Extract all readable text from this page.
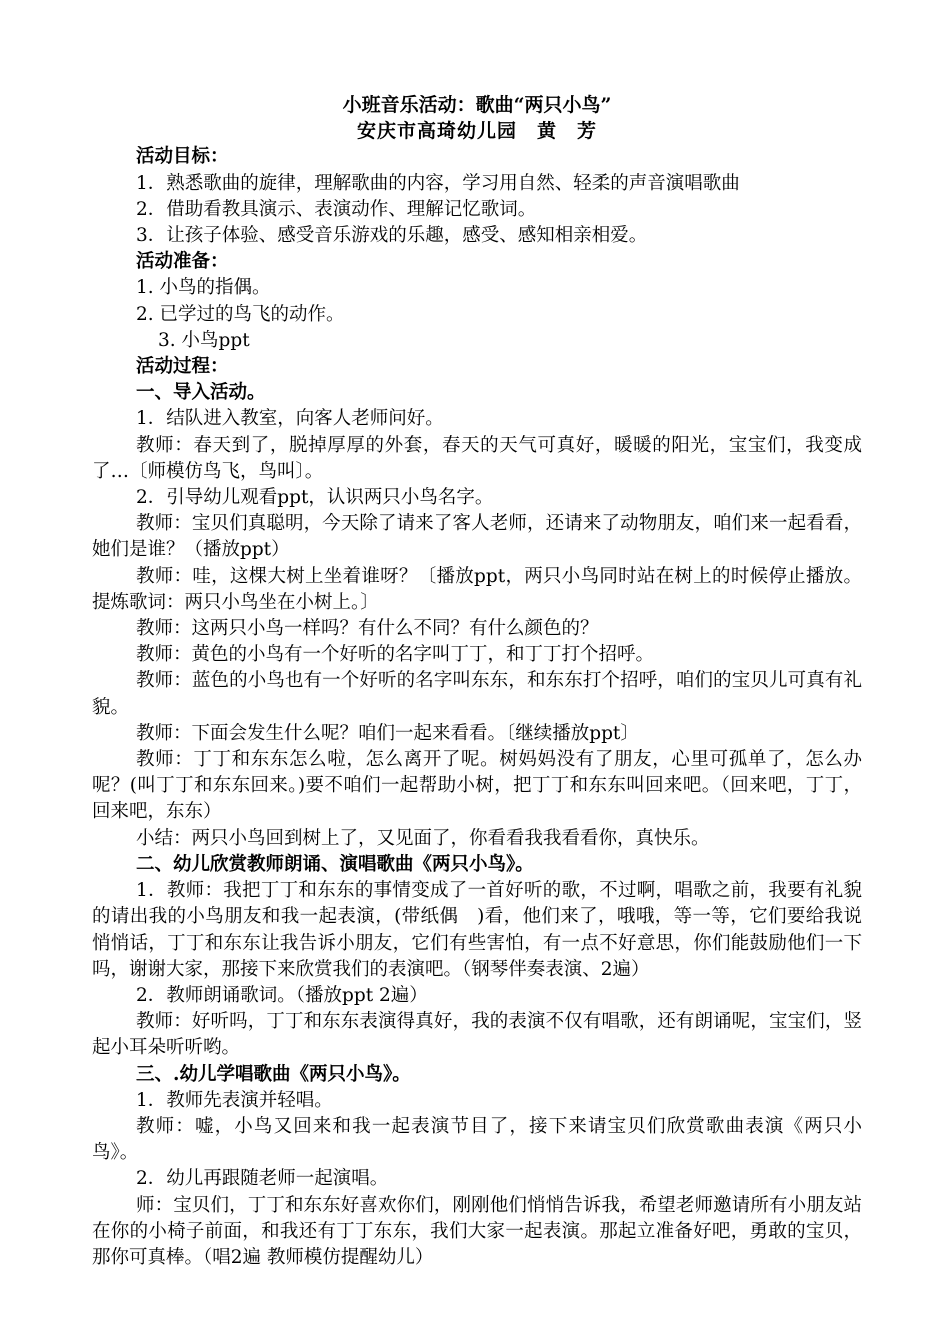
小班音乐活动：歌曲“两只小鸟”
安庆市高琦幼儿园　黄　芳
活动目标：
1．熟悉歌曲的旋律，理解歌曲的内容，学习用自然、轻柔的声音演唱歌曲
2．借助看教具演示、表演动作、理解记忆歌词。
3．让孩子体验、感受音乐游戏的乐趣，感受、感知相亲相爱。
活动准备：
1. 小鸟的指偶。
2. 已学过的鸟飞的动作。
3. 小鸟ppt
活动过程：
一、导入活动。
1．结队进入教室，向客人老师问好。
教师：春天到了，脱掉厚厚的外套，春天的天气可真好，暖暖的阳光，宝宝们，我变成了…〔师模仿鸟飞，鸟叫〕。
2．引导幼儿观看ppt，认识两只小鸟名字。
教师：宝贝们真聪明，今天除了请来了客人老师，还请来了动物朋友，咱们来一起看看，她们是谁？（播放ppt）
教师：哇，这棵大树上坐着谁呀？〔播放ppt，两只小鸟同时站在树上的时候停止播放。提炼歌词：两只小鸟坐在小树上。〕
教师：这两只小鸟一样吗？有什么不同？有什么颜色的？
教师：黄色的小鸟有一个好听的名字叫丁丁，和丁丁打个招呼。
教师：蓝色的小鸟也有一个好听的名字叫东东，和东东打个招呼，咱们的宝贝儿可真有礼貌。
教师：下面会发生什么呢？咱们一起来看看。〔继续播放ppt〕
教师：丁丁和东东怎么啦，怎么离开了呢。树妈妈没有了朋友，心里可孤单了，怎么办呢？(叫丁丁和东东回来。)要不咱们一起帮助小树，把丁丁和东东叫回来吧。（回来吧，丁丁，回来吧，东东）
小结：两只小鸟回到树上了，又见面了，你看看我我看看你，真快乐。
二、幼儿欣赏教师朗诵、演唱歌曲《两只小鸟》。
1．教师：我把丁丁和东东的事情变成了一首好听的歌，不过啊，唱歌之前，我要有礼貌的请出我的小鸟朋友和我一起表演，(带纸偶　)看，他们来了，哦哦，等一等，它们要给我说悄悄话，丁丁和东东让我告诉小朋友，它们有些害怕，有一点不好意思，你们能鼓励他们一下吗，谢谢大家，那接下来欣赏我们的表演吧。（钢琴伴奏表演、2遍）
2．教师朗诵歌词。（播放ppt 2遍）
教师：好听吗，丁丁和东东表演得真好，我的表演不仅有唱歌，还有朗诵呢，宝宝们，竖起小耳朵听听哟。
三、.幼儿学唱歌曲《两只小鸟》。
1．教师先表演并轻唱。
教师：嘘，小鸟又回来和我一起表演节目了，接下来请宝贝们欣赏歌曲表演《两只小鸟》。
2．幼儿再跟随老师一起演唱。
师：宝贝们，丁丁和东东好喜欢你们，刚刚他们悄悄告诉我，希望老师邀请所有小朋友站在你的小椅子前面，和我还有丁丁东东，我们大家一起表演。那起立准备好吧，勇敢的宝贝，那你可真棒。（唱2遍 教师模仿提醒幼儿）
